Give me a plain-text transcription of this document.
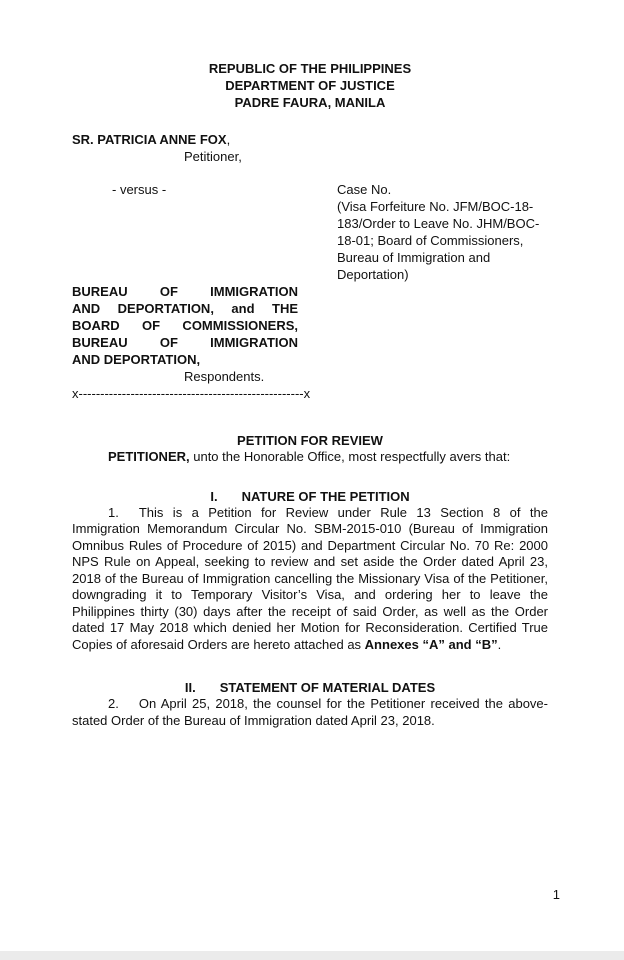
REPUBLIC OF THE PHILIPPINES
DEPARTMENT OF JUSTICE
PADRE FAURA, MANILA
SR. PATRICIA ANNE FOX,
Petitioner,
- versus -
BUREAU OF IMMIGRATION
AND DEPORTATION, and THE
BOARD OF COMMISSIONERS,
BUREAU OF IMMIGRATION
AND DEPORTATION,
Respondents.
Case No.
(Visa Forfeiture No. JFM/BOC-18-183/Order to Leave No. JHM/BOC-18-01; Board of Commissioners, Bureau of Immigration and Deportation)
x----------------------------------------------------x
PETITION FOR REVIEW

PETITIONER, unto the Honorable Office, most respectfully avers that:

I. NATURE OF THE PETITION

1. This is a Petition for Review under Rule 13 Section 8 of the Immigration Memorandum Circular No. SBM-2015-010 (Bureau of Immigration Omnibus Rules of Procedure of 2015) and Department Circular No. 70 Re: 2000 NPS Rule on Appeal, seeking to review and set aside the Order dated April 23, 2018 of the Bureau of Immigration cancelling the Missionary Visa of the Petitioner, downgrading it to Temporary Visitor’s Visa, and ordering her to leave the Philippines thirty (30) days after the receipt of said Order, as well as the Order dated 17 May 2018 which denied her Motion for Reconsideration. Certified True Copies of aforesaid Orders are hereto attached as Annexes “A” and “B”.

II. STATEMENT OF MATERIAL DATES

2. On April 25, 2018, the counsel for the Petitioner received the above-stated Order of the Bureau of Immigration dated April 23, 2018.

1
